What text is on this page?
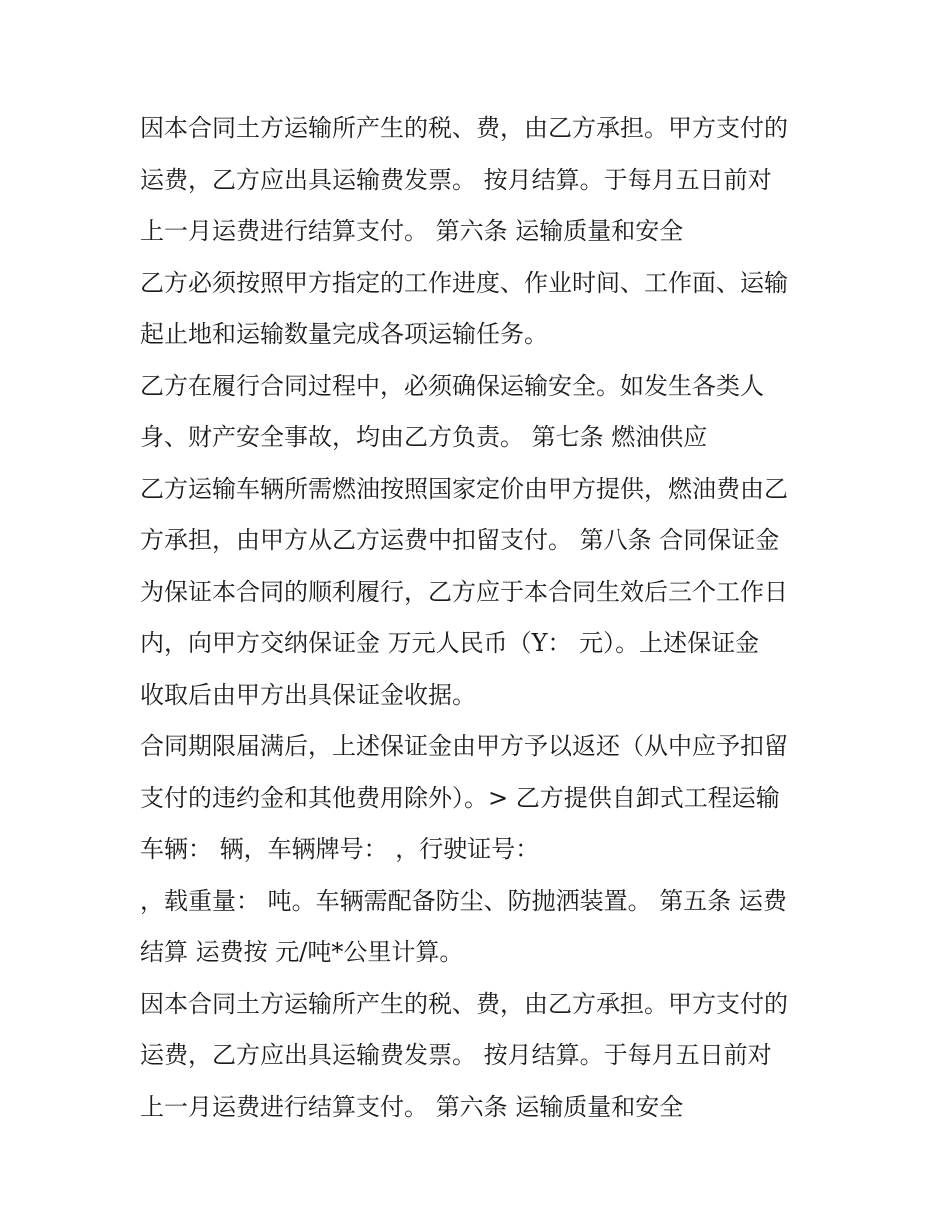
因本合同土方运输所产生的税、费，由乙方承担。甲方支付的
运费，乙方应出具运输费发票。 按月结算。于每月五日前对
上一月运费进行结算支付。 第六条 运输质量和安全
乙方必须按照甲方指定的工作进度、作业时间、工作面、运输
起止地和运输数量完成各项运输任务。
乙方在履行合同过程中，必须确保运输安全。如发生各类人
身、财产安全事故，均由乙方负责。 第七条 燃油供应
乙方运输车辆所需燃油按照国家定价由甲方提供，燃油费由乙
方承担，由甲方从乙方运费中扣留支付。 第八条 合同保证金
为保证本合同的顺利履行，乙方应于本合同生效后三个工作日
内，向甲方交纳保证金 万元人民币（Y： 元）。上述保证金
收取后由甲方出具保证金收据。
合同期限届满后，上述保证金由甲方予以返还（从中应予扣留
支付的违约金和其他费用除外）。> 乙方提供自卸式工程运输
车辆： 辆，车辆牌号： ，行驶证号：
，载重量： 吨。车辆需配备防尘、防抛洒装置。 第五条 运费
结算 运费按 元/吨*公里计算。
因本合同土方运输所产生的税、费，由乙方承担。甲方支付的
运费，乙方应出具运输费发票。 按月结算。于每月五日前对
上一月运费进行结算支付。 第六条 运输质量和安全
